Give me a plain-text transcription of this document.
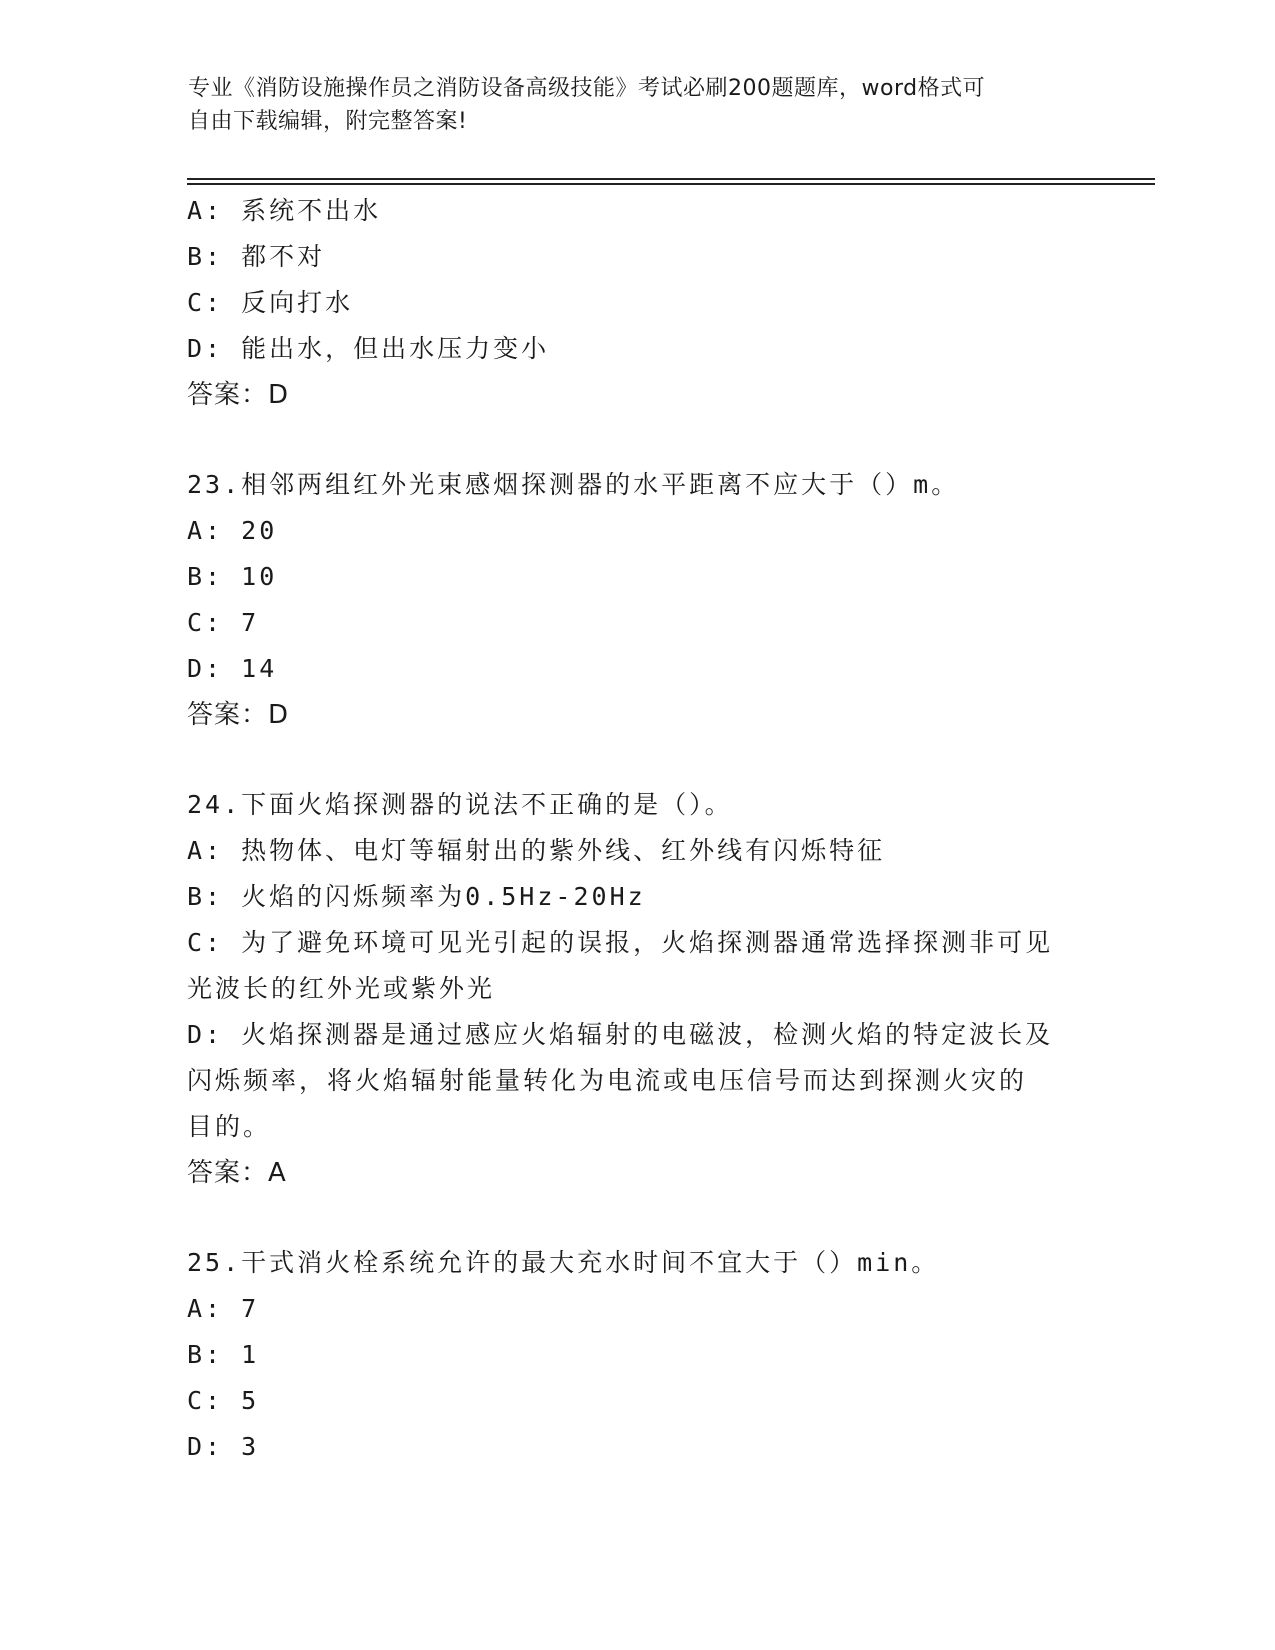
专业《消防设施操作员之消防设备高级技能》考试必刷200题题库，word格式可
自由下载编辑，附完整答案!
A: 系统不出水
B: 都不对
C: 反向打水
D: 能出水，但出水压力变小
答案：D
23.相邻两组红外光束感烟探测器的水平距离不应大于（）m。
A: 20
B: 10
C: 7
D: 14
答案：D
24.下面火焰探测器的说法不正确的是（）。
A: 热物体、电灯等辐射出的紫外线、红外线有闪烁特征
B: 火焰的闪烁频率为0.5Hz-20Hz
C: 为了避免环境可见光引起的误报，火焰探测器通常选择探测非可见
光波长的红外光或紫外光
D: 火焰探测器是通过感应火焰辐射的电磁波，检测火焰的特定波长及
闪烁频率，将火焰辐射能量转化为电流或电压信号而达到探测火灾的
目的。
答案：A
25.干式消火栓系统允许的最大充水时间不宜大于（）min。
A: 7
B: 1
C: 5
D: 3
